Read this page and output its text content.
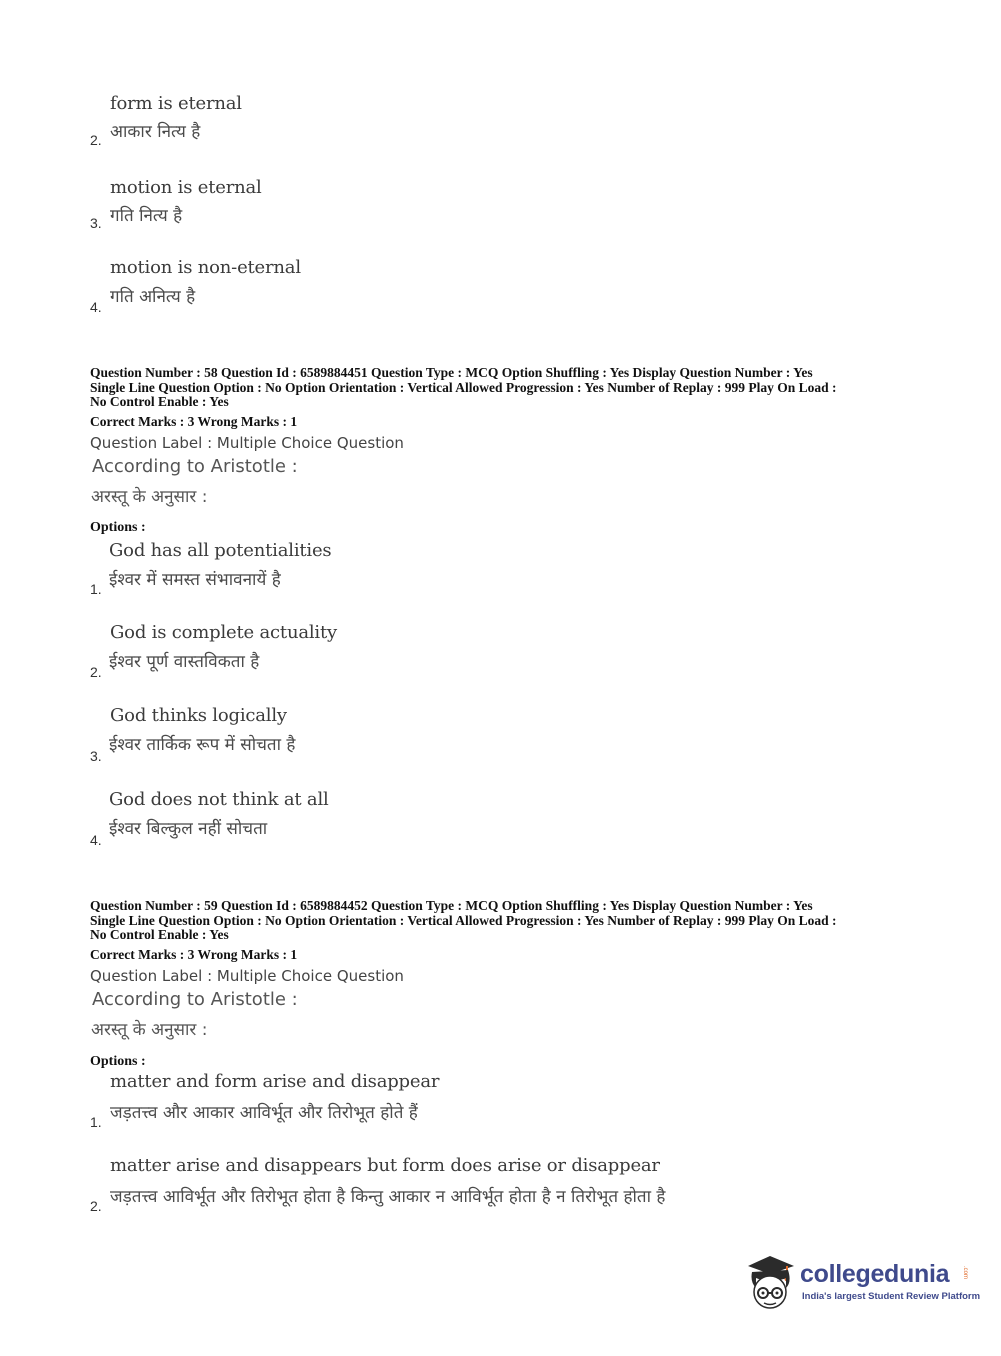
form is eternal
आकार नित्य है
2.
motion is eternal
गति नित्य है
3.
motion is non-eternal
गति अनित्य है
4.
Question Number : 58 Question Id : 6589884451 Question Type : MCQ Option Shuffling : Yes Display Question Number : Yes
Single Line Question Option : No Option Orientation : Vertical Allowed Progression : Yes Number of Replay : 999 Play On Load :
No Control Enable : Yes
Correct Marks : 3 Wrong Marks : 1
Question Label : Multiple Choice Question
According to Aristotle :
अरस्तू के अनुसार :
Options :
God has all potentialities
ईश्वर में समस्त संभावनायें है
1.
God is complete actuality
ईश्वर पूर्ण वास्तविकता है
2.
God thinks logically
ईश्वर तार्किक रूप में सोचता है
3.
God does not think at all
ईश्वर बिल्कुल नहीं सोचता
4.
Question Number : 59 Question Id : 6589884452 Question Type : MCQ Option Shuffling : Yes Display Question Number : Yes
Single Line Question Option : No Option Orientation : Vertical Allowed Progression : Yes Number of Replay : 999 Play On Load :
No Control Enable : Yes
Correct Marks : 3 Wrong Marks : 1
Question Label : Multiple Choice Question
According to Aristotle :
अरस्तू के अनुसार :
Options :
matter and form arise and disappear
जड़तत्त्व और आकार आविर्भूत और तिरोभूत होते हैं
1.
matter arise and disappears but form does arise or disappear
जड़तत्त्व आविर्भूत और तिरोभूत होता है किन्तु आकार न आविर्भूत होता है न तिरोभूत होता है
2.
collegedunia .com
India's largest Student Review Platform
